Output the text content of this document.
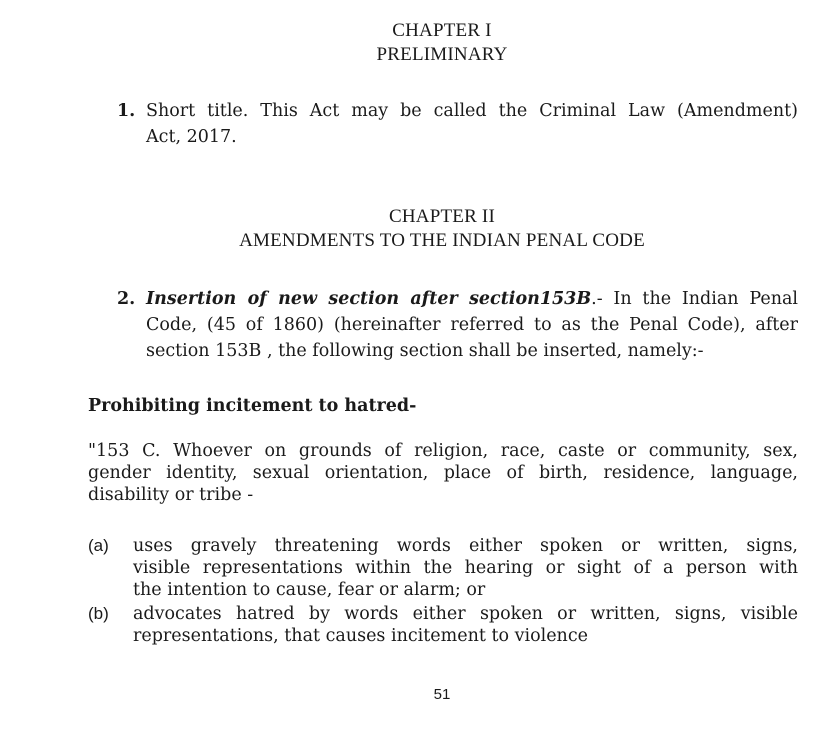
CHAPTER I
PRELIMINARY
1. Short title. This Act may be called the Criminal Law (Amendment)
Act, 2017.
CHAPTER II
AMENDMENTS TO THE INDIAN PENAL CODE
2. Insertion of new section after section153B.- In the Indian Penal
Code, (45 of 1860) (hereinafter referred to as the Penal Code), after
section 153B , the following section shall be inserted, namely:-
Prohibiting incitement to hatred-
"153 C. Whoever on grounds of religion, race, caste or community, sex,
gender identity, sexual orientation, place of birth, residence, language,
disability or tribe -
(a) uses gravely threatening words either spoken or written, signs,
visible representations within the hearing or sight of a person with
the intention to cause, fear or alarm; or
(b) advocates hatred by words either spoken or written, signs, visible
representations, that causes incitement to violence
51
